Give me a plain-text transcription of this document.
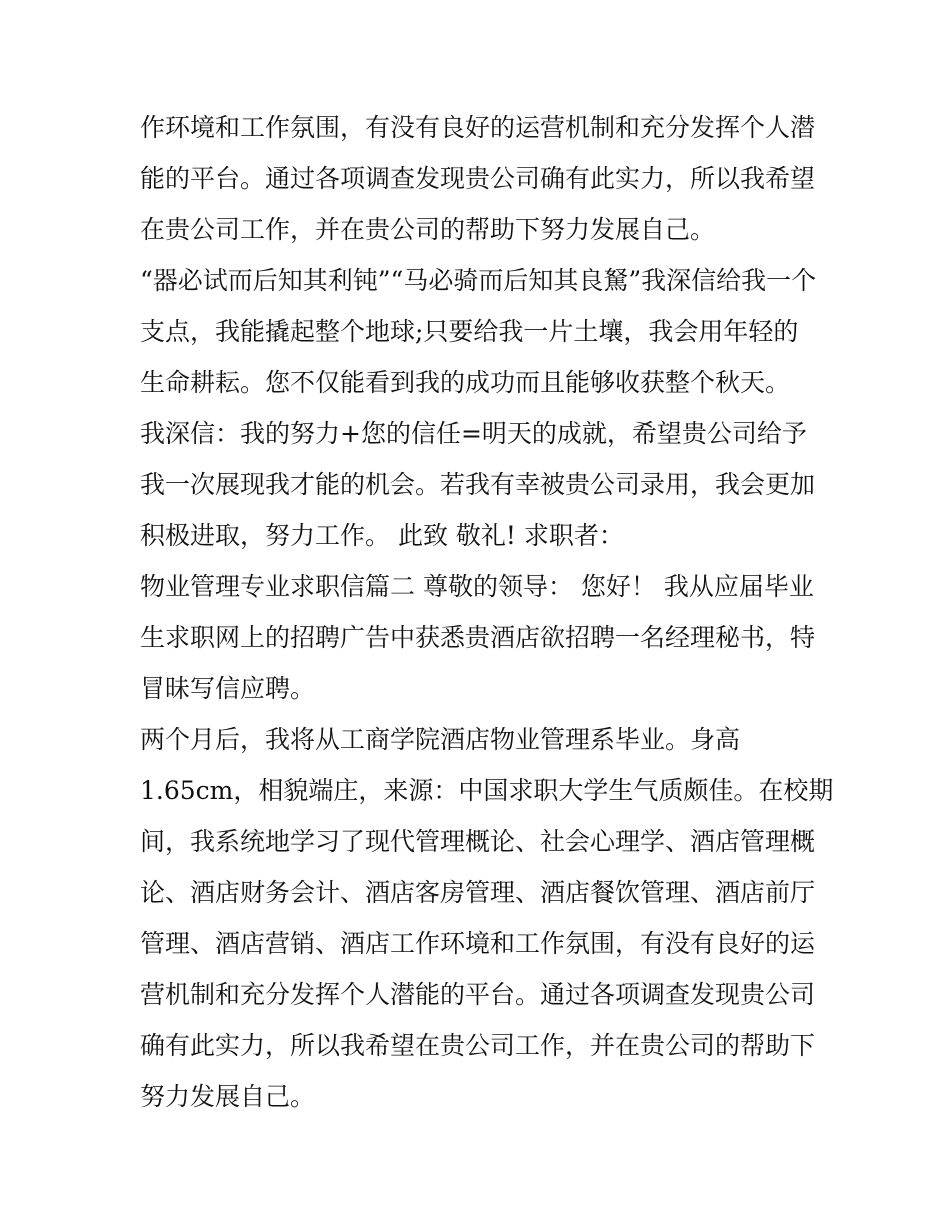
作环境和工作氛围，有没有良好的运营机制和充分发挥个人潜
能的平台。通过各项调查发现贵公司确有此实力，所以我希望
在贵公司工作，并在贵公司的帮助下努力发展自己。
“器必试而后知其利钝”“马必骑而后知其良駑”我深信给我一个
支点，我能撬起整个地球;只要给我一片土壤，我会用年轻的
生命耕耘。您不仅能看到我的成功而且能够收获整个秋天。
我深信：我的努力+您的信任=明天的成就，希望贵公司给予
我一次展现我才能的机会。若我有幸被贵公司录用，我会更加
积极进取，努力工作。 此致 敬礼! 求职者：
物业管理专业求职信篇二 尊敬的领导： 您好！ 我从应届毕业
生求职网上的招聘广告中获悉贵酒店欲招聘一名经理秘书，特
冒昧写信应聘。
两个月后，我将从工商学院酒店物业管理系毕业。身高
1.65cm，相貌端庄，来源：中国求职大学生气质颇佳。在校期
间，我系统地学习了现代管理概论、社会心理学、酒店管理概
论、酒店财务会计、酒店客房管理、酒店餐饮管理、酒店前厅
管理、酒店营销、酒店工作环境和工作氛围，有没有良好的运
营机制和充分发挥个人潜能的平台。通过各项调查发现贵公司
确有此实力，所以我希望在贵公司工作，并在贵公司的帮助下
努力发展自己。
